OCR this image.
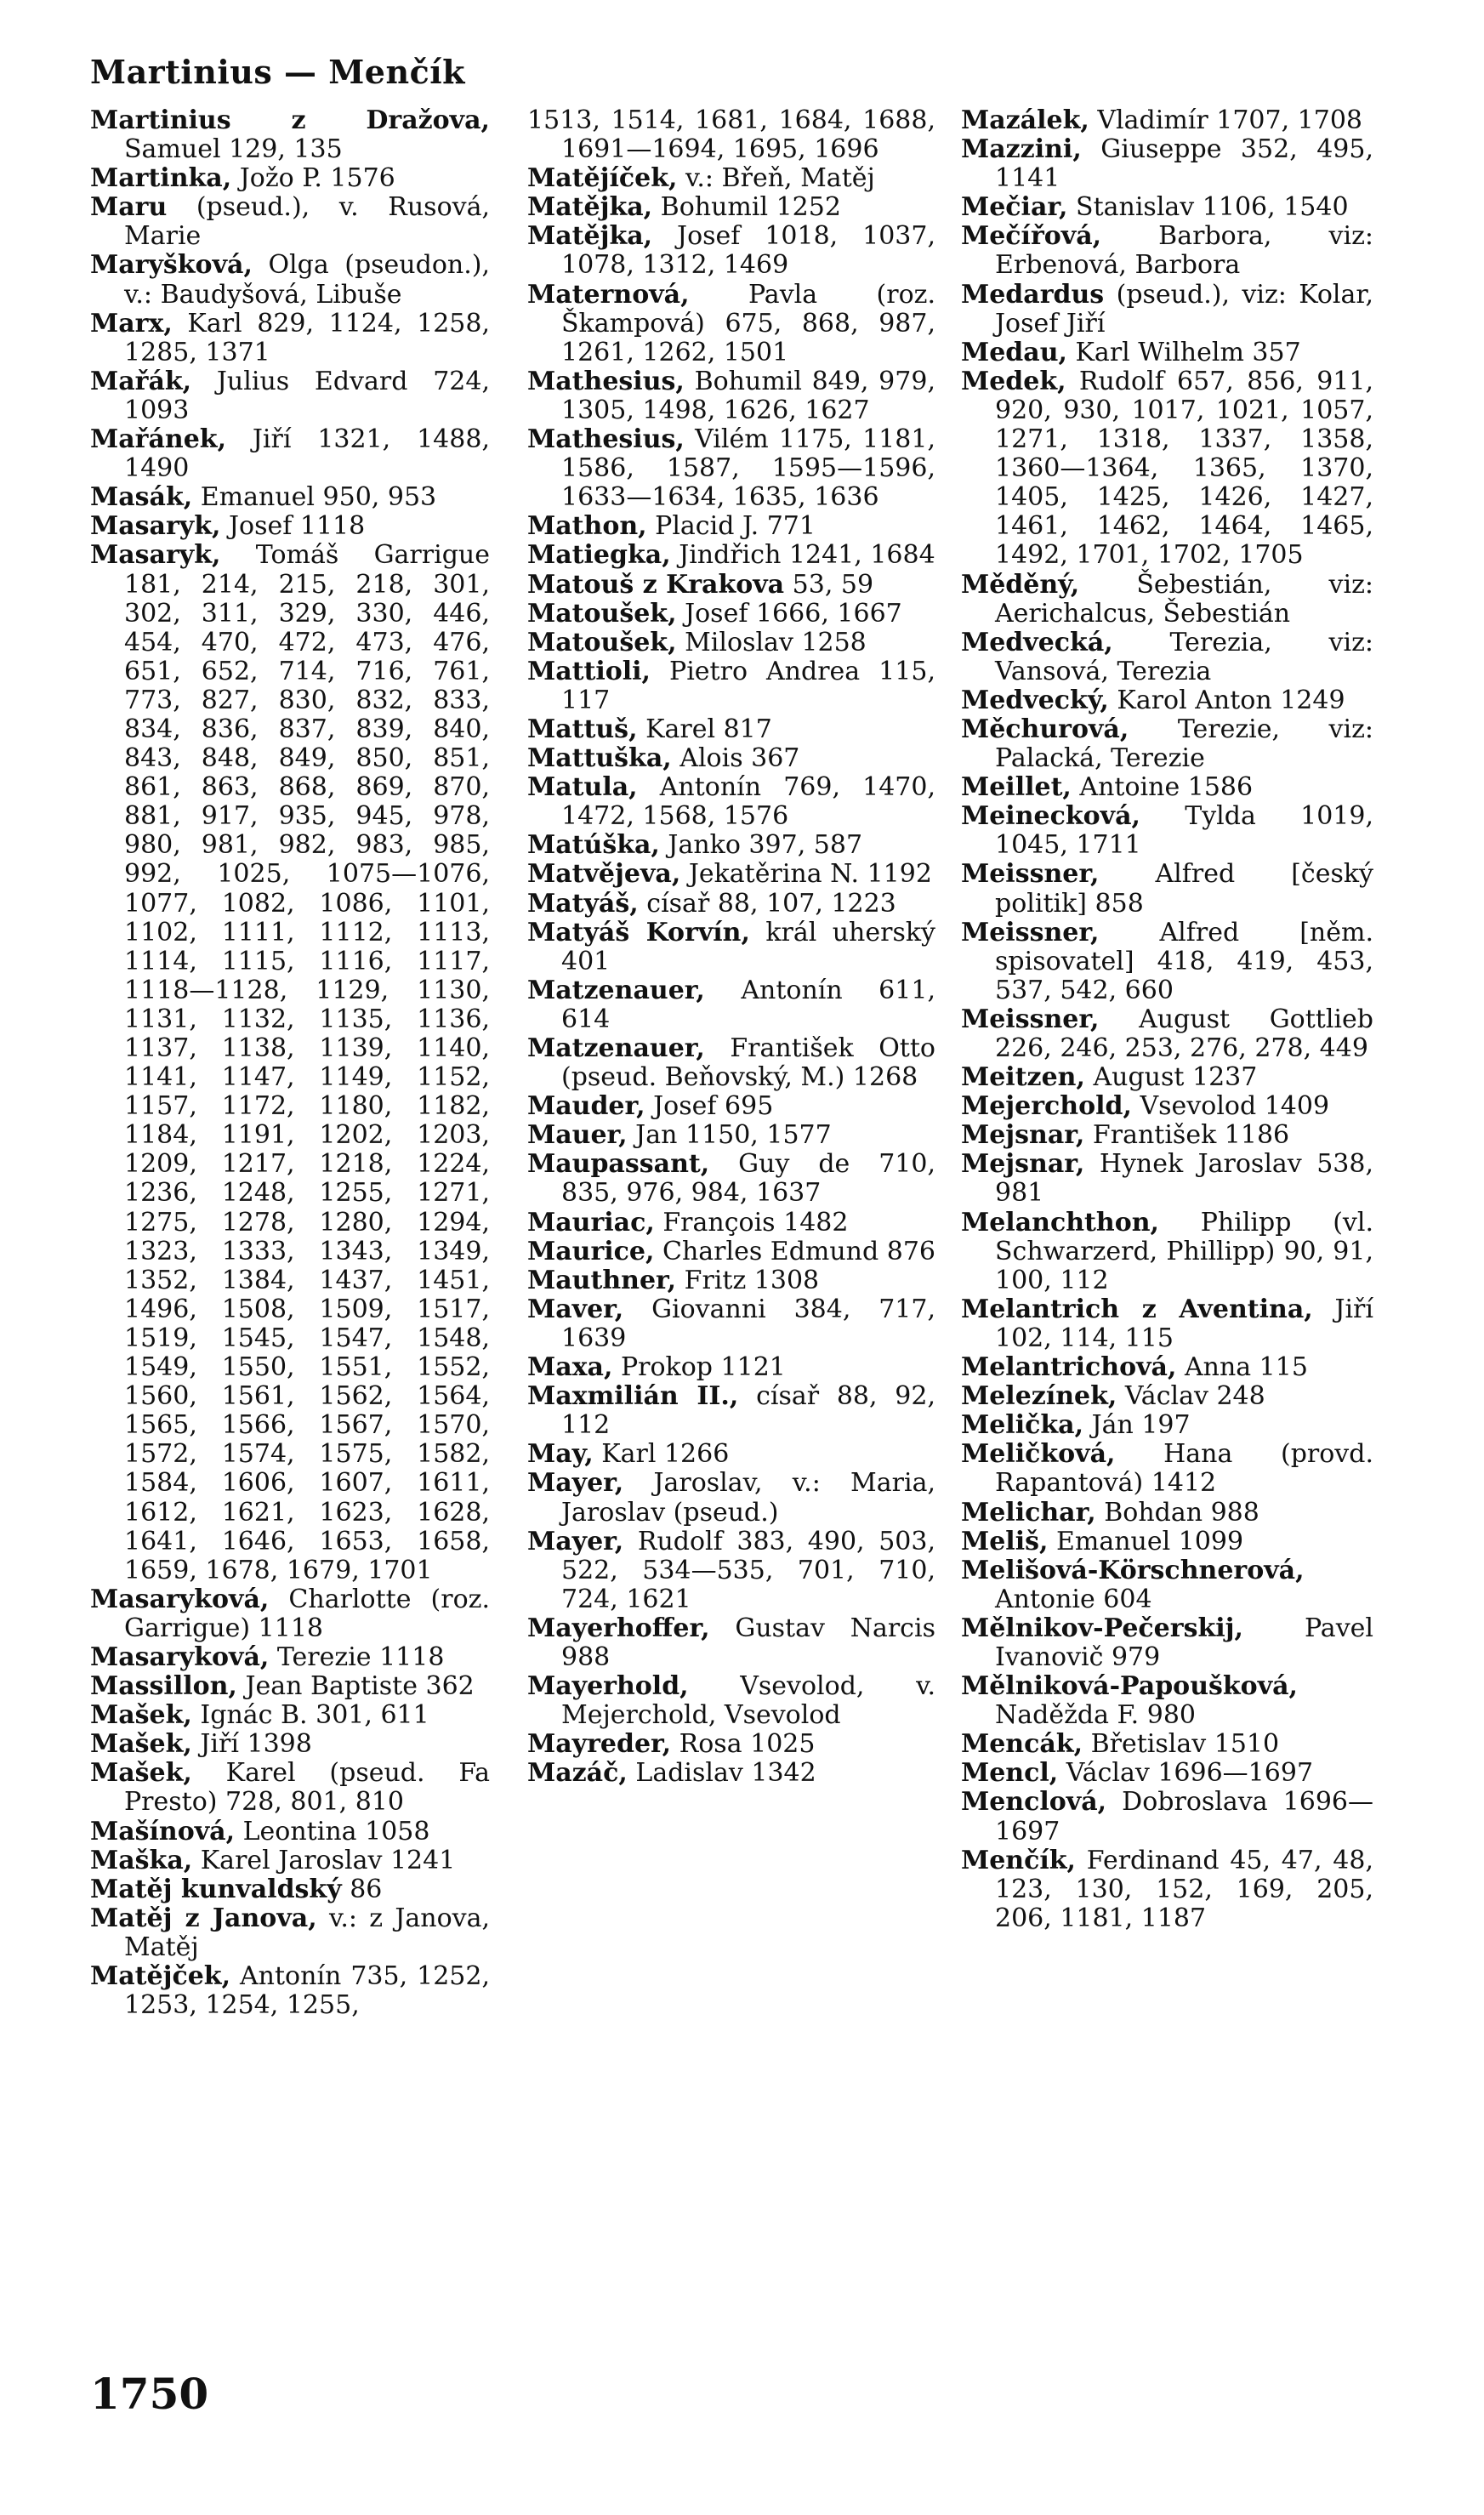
Martinius — Menčík

Martinius z Dražova, Samuel 129, 135

Martinka, Jožo P. 1576

Maru (pseud.), v. Rusová, Marie

Maryšková, Olga (pseudon.), v.: Baudyšová, Libuše

Marx, Karl 829, 1124, 1258, 1285, 1371

Mařák, Julius Edvard 724, 1093

Mařánek, Jiří 1321, 1488, 1490

Masák, Emanuel 950, 953

Masaryk, Josef 1118

Masaryk, Tomáš Garrigue 181, 214, 215, 218, 301, 302, 311, 329, 330, 446, 454, 470, 472, 473, 476, 651, 652, 714, 716, 761, 773, 827, 830, 832, 833, 834, 836, 837, 839, 840, 843, 848, 849, 850, 851, 861, 863, 868, 869, 870, 881, 917, 935, 945, 978, 980, 981, 982, 983, 985, 992, 1025, 1075—1076, 1077, 1082, 1086, 1101, 1102, 1111, 1112, 1113, 1114, 1115, 1116, 1117, 1118—1128, 1129, 1130, 1131, 1132, 1135, 1136, 1137, 1138, 1139, 1140, 1141, 1147, 1149, 1152, 1157, 1172, 1180, 1182, 1184, 1191, 1202, 1203, 1209, 1217, 1218, 1224, 1236, 1248, 1255, 1271, 1275, 1278, 1280, 1294, 1323, 1333, 1343, 1349, 1352, 1384, 1437, 1451, 1496, 1508, 1509, 1517, 1519, 1545, 1547, 1548, 1549, 1550, 1551, 1552, 1560, 1561, 1562, 1564, 1565, 1566, 1567, 1570, 1572, 1574, 1575, 1582, 1584, 1606, 1607, 1611, 1612, 1621, 1623, 1628, 1641, 1646, 1653, 1658, 1659, 1678, 1679, 1701

Masaryková, Charlotte (roz. Garrigue) 1118

Masaryková, Terezie 1118

Massillon, Jean Baptiste 362

Mašek, Ignác B. 301, 611

Mašek, Jiří 1398

Mašek, Karel (pseud. Fa Presto) 728, 801, 810

Mašínová, Leontina 1058

Maška, Karel Jaroslav 1241

Matěj kunvaldský 86

Matěj z Janova, v.: z Janova, Matěj

Matějček, Antonín 735, 1252, 1253, 1254, 1255,

1513, 1514, 1681, 1684, 1688, 1691—1694, 1695, 1696

Matějíček, v.: Břeň, Matěj

Matějka, Bohumil 1252

Matějka, Josef 1018, 1037, 1078, 1312, 1469

Maternová, Pavla (roz. Škampová) 675, 868, 987, 1261, 1262, 1501

Mathesius, Bohumil 849, 979, 1305, 1498, 1626, 1627

Mathesius, Vilém 1175, 1181, 1586, 1587, 1595—1596, 1633—1634, 1635, 1636

Mathon, Placid J. 771

Matiegka, Jindřich 1241, 1684

Matouš z Krakova 53, 59

Matoušek, Josef 1666, 1667

Matoušek, Miloslav 1258

Mattioli, Pietro Andrea 115, 117

Mattuš, Karel 817

Mattuška, Alois 367

Matula, Antonín 769, 1470, 1472, 1568, 1576

Matúška, Janko 397, 587

Matvějeva, Jekatěrina N. 1192

Matyáš, císař 88, 107, 1223

Matyáš Korvín, král uherský 401

Matzenauer, Antonín 611, 614

Matzenauer, František Otto (pseud. Beňovský, M.) 1268

Mauder, Josef 695

Mauer, Jan 1150, 1577

Maupassant, Guy de 710, 835, 976, 984, 1637

Mauriac, François 1482

Maurice, Charles Edmund 876

Mauthner, Fritz 1308

Maver, Giovanni 384, 717, 1639

Maxa, Prokop 1121

Maxmilián II., císař 88, 92, 112

May, Karl 1266

Mayer, Jaroslav, v.: Maria, Jaroslav (pseud.)

Mayer, Rudolf 383, 490, 503, 522, 534—535, 701, 710, 724, 1621

Mayerhoffer, Gustav Narcis 988

Mayerhold, Vsevolod, v. Mejerchold, Vsevolod

Mayreder, Rosa 1025

Mazáč, Ladislav 1342

Mazálek, Vladimír 1707, 1708

Mazzini, Giuseppe 352, 495, 1141

Mečiar, Stanislav 1106, 1540

Mečířová, Barbora, viz: Erbenová, Barbora

Medardus (pseud.), viz: Kolar, Josef Jiří

Medau, Karl Wilhelm 357

Medek, Rudolf 657, 856, 911, 920, 930, 1017, 1021, 1057, 1271, 1318, 1337, 1358, 1360—1364, 1365, 1370, 1405, 1425, 1426, 1427, 1461, 1462, 1464, 1465, 1492, 1701, 1702, 1705

Měděný, Šebestián, viz: Aerichalcus, Šebestián

Medvecká, Terezia, viz: Vansová, Terezia

Medvecký, Karol Anton 1249

Měchurová, Terezie, viz: Palacká, Terezie

Meillet, Antoine 1586

Meinecková, Tylda 1019, 1045, 1711

Meissner, Alfred [český politik] 858

Meissner, Alfred [něm. spisovatel] 418, 419, 453, 537, 542, 660

Meissner, August Gottlieb 226, 246, 253, 276, 278, 449

Meitzen, August 1237

Mejerchold, Vsevolod 1409

Mejsnar, František 1186

Mejsnar, Hynek Jaroslav 538, 981

Melanchthon, Philipp (vl. Schwarzerd, Phillipp) 90, 91, 100, 112

Melantrich z Aventina, Jiří 102, 114, 115

Melantrichová, Anna 115

Melezínek, Václav 248

Melička, Ján 197

Meličková, Hana (provd. Rapantová) 1412

Melichar, Bohdan 988

Meliš, Emanuel 1099

Melišová-Körschnerová, Antonie 604

Mělnikov-Pečerskij, Pavel Ivanovič 979

Mělniková-Papoušková, Naděžda F. 980

Mencák, Břetislav 1510

Mencl, Václav 1696—1697

Menclová, Dobroslava 1696—1697

Menčík, Ferdinand 45, 47, 48, 123, 130, 152, 169, 205, 206, 1181, 1187

1750
